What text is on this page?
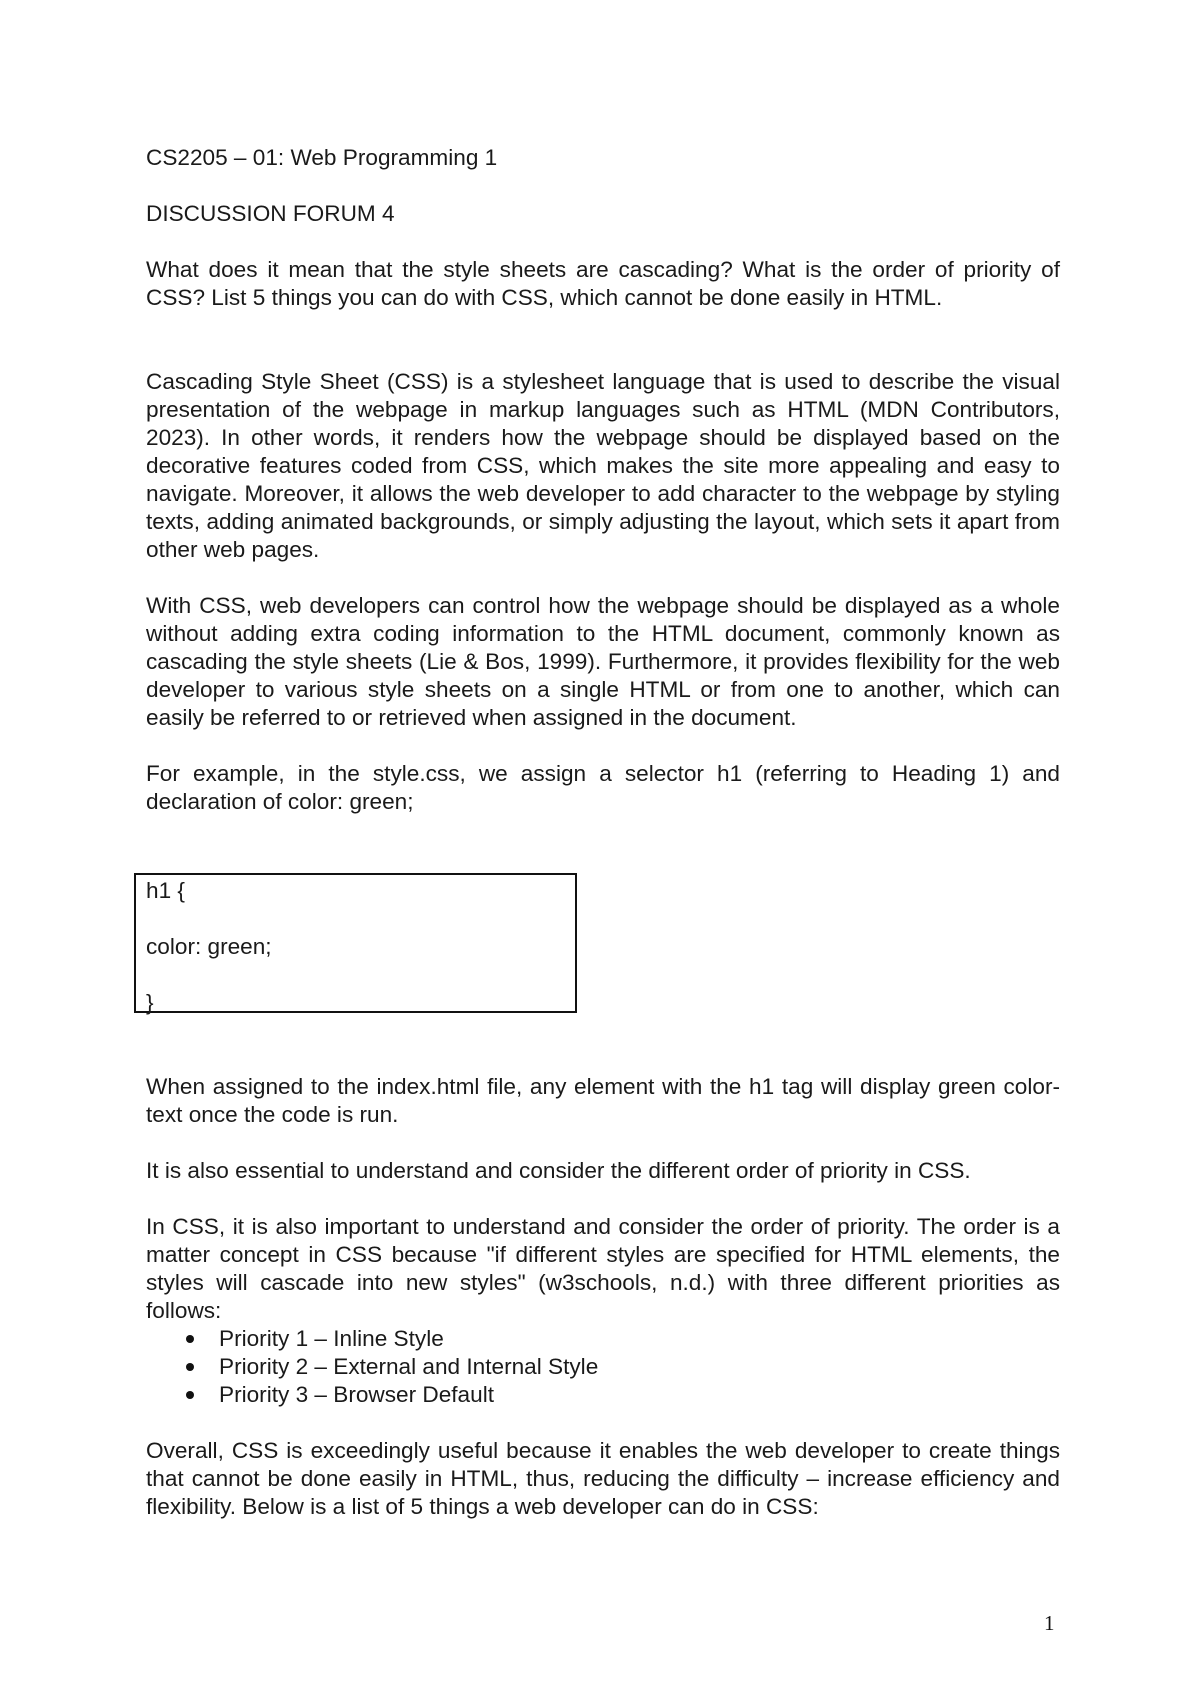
CS2205 – 01: Web Programming 1

DISCUSSION FORUM 4

What does it mean that the style sheets are cascading? What is the order of priority of CSS? List 5 things you can do with CSS, which cannot be done easily in HTML.

Cascading Style Sheet (CSS) is a stylesheet language that is used to describe the visual presentation of the webpage in markup languages such as HTML (MDN Contributors, 2023). In other words, it renders how the webpage should be displayed based on the decorative features coded from CSS, which makes the site more appealing and easy to navigate. Moreover, it allows the web developer to add character to the webpage by styling texts, adding animated backgrounds, or simply adjusting the layout, which sets it apart from other web pages.

With CSS, web developers can control how the webpage should be displayed as a whole without adding extra coding information to the HTML document, commonly known as cascading the style sheets (Lie & Bos, 1999). Furthermore, it provides flexibility for the web developer to various style sheets on a single HTML or from one to another, which can easily be referred to or retrieved when assigned in the document.

For example, in the style.css, we assign a selector h1 (referring to Heading 1) and declaration of color: green;

h1 {

color: green;

}

When assigned to the index.html file, any element with the h1 tag will display green color-text once the code is run.

It is also essential to understand and consider the different order of priority in CSS.

In CSS, it is also important to understand and consider the order of priority. The order is a matter concept in CSS because "if different styles are specified for HTML elements, the styles will cascade into new styles" (w3schools, n.d.) with three different priorities as follows:

Priority 1 – Inline Style
Priority 2 – External and Internal Style
Priority 3 – Browser Default

Overall, CSS is exceedingly useful because it enables the web developer to create things that cannot be done easily in HTML, thus, reducing the difficulty – increase efficiency and flexibility. Below is a list of 5 things a web developer can do in CSS:

1
